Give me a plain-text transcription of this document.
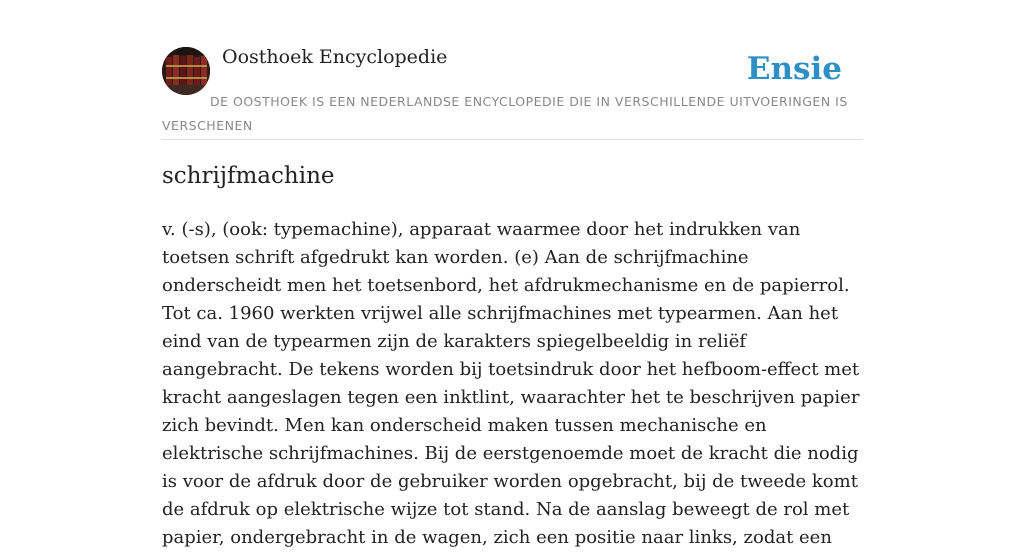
Oosthoek Encyclopedie	Ensie
DE OOSTHOEK IS EEN NEDERLANDSE ENCYCLOPEDIE DIE IN VERSCHILLENDE UITVOERINGEN IS VERSCHENEN
schrijfmachine

v. (-s), (ook: typemachine), apparaat waarmee door het indrukken van toetsen schrift afgedrukt kan worden. (e) Aan de schrijfmachine onderscheidt men het toetsenbord, het afdrukmechanisme en de papierrol. Tot ca. 1960 werkten vrijwel alle schrijfmachines met typearmen. Aan het eind van de typearmen zijn de karakters spiegelbeeldig in reliëf aangebracht. De tekens worden bij toetsindruk door het hefboom-effect met kracht aangeslagen tegen een inktlint, waarachter het te beschrijven papier zich bevindt. Men kan onderscheid maken tussen mechanische en elektrische schrijfmachines. Bij de eerstgenoemde moet de kracht die nodig is voor de afdruk door de gebruiker worden opgebracht, bij de tweede komt de afdruk op elektrische wijze tot stand. Na de aanslag beweegt de rol met papier, ondergebracht in de wagen, zich een positie naar links, zodat een
